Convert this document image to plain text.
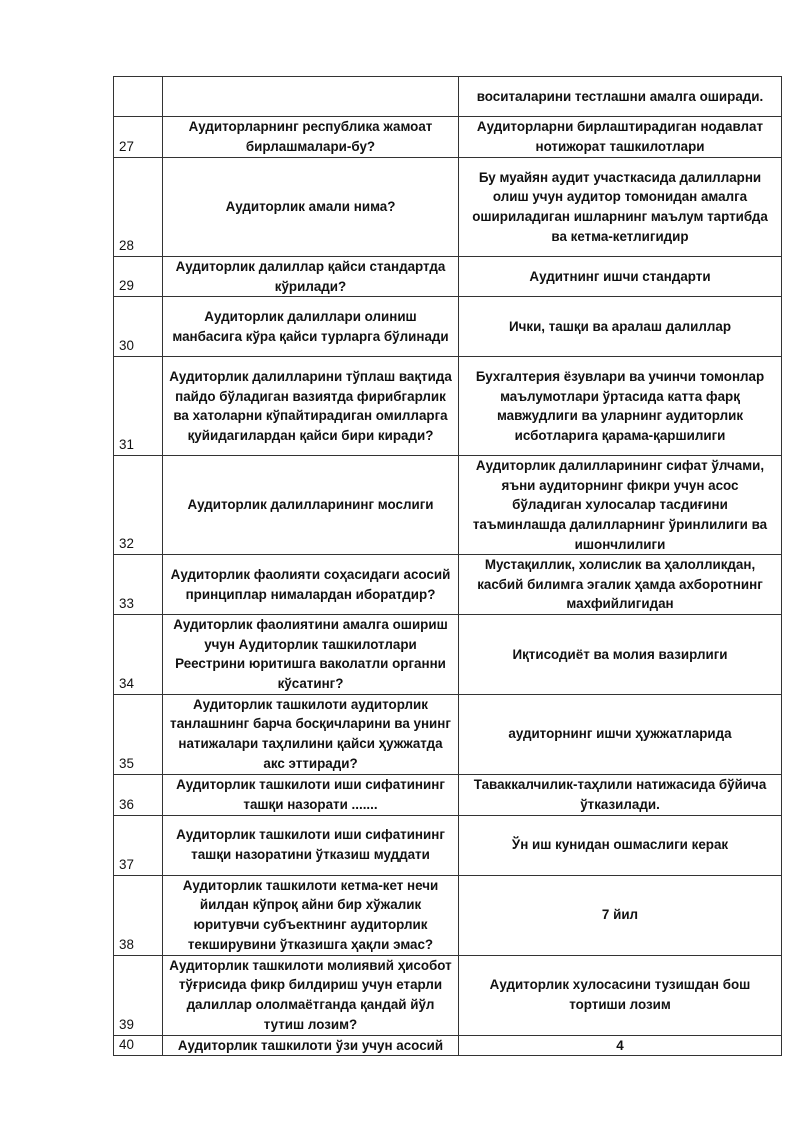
		воситаларини тестлашни амалга оширади.

27	Аудиторларнинг республика жамоат бирлашмалари-бу?	Аудиторларни бирлаштирадиган нодавлат нотижорат ташкилотлари

28	Аудиторлик амали нима?	Бу муайян аудит участкасида далилларни олиш учун аудитор томонидан амалга ошириладиган ишларнинг маълум тартибда ва кетма-кетлигидир

29	Аудиторлик далиллар қайси стандартда кўрилади?	Аудитнинг ишчи стандарти

30	Аудиторлик далиллари олиниш манбасига кўра қайси турларга бўлинади	Ички, ташқи ва аралаш далиллар

31	Аудиторлик далилларини тўплаш вақтида пайдо бўладиган вазиятда фирибгарлик ва хатоларни кўпайтирадиган омилларга қуйидагилардан қайси бири киради?	Бухгалтерия ёзувлари ва учинчи томонлар маълумотлари ўртасида катта фарқ мавжудлиги ва уларнинг аудиторлик исботларига қарама-қаршилиги

32	Аудиторлик далилларининг мослиги	Аудиторлик далилларининг сифат ўлчами, яъни аудиторнинг фикри учун асос бўладиган хулосалар тасдиғини таъминлашда далилларнинг ўринлилиги ва ишончлилиги

33	Аудиторлик фаолияти соҳасидаги асосий принциплар нималардан иборатдир?	Мустақиллик, холислик ва ҳалолликдан, касбий билимга эгалик ҳамда ахборотнинг махфийлигидан

34	Аудиторлик фаолиятини амалга ошириш учун Аудиторлик ташкилотлари Реестрини юритишга ваколатли органни кўсатинг?	Иқтисодиёт ва молия вазирлиги

35	Аудиторлик ташкилоти аудиторлик танлашнинг барча босқичларини ва унинг натижалари таҳлилини қайси ҳужжатда акс эттиради?	аудиторнинг ишчи ҳужжатларида

36	Аудиторлик ташкилоти иши сифатининг ташқи назорати .......	Таваккалчилик-таҳлили натижасида бўйича ўтказилади.

37	Аудиторлик ташкилоти иши сифатининг ташқи назоратини ўтказиш муддати	Ўн иш кунидан ошмаслиги керак

38	Аудиторлик ташкилоти кетма-кет нечи йилдан кўпроқ айни бир хўжалик юритувчи субъектнинг аудиторлик текширувини ўтказишга ҳақли эмас?	7 йил

39	Аудиторлик ташкилоти молиявий ҳисобот тўғрисида фикр билдириш учун етарли далиллар ололмаётганда қандай йўл тутиш лозим?	Аудиторлик хулосасини тузишдан бош тортиши лозим

40	Аудиторлик ташкилоти ўзи учун асосий	4
